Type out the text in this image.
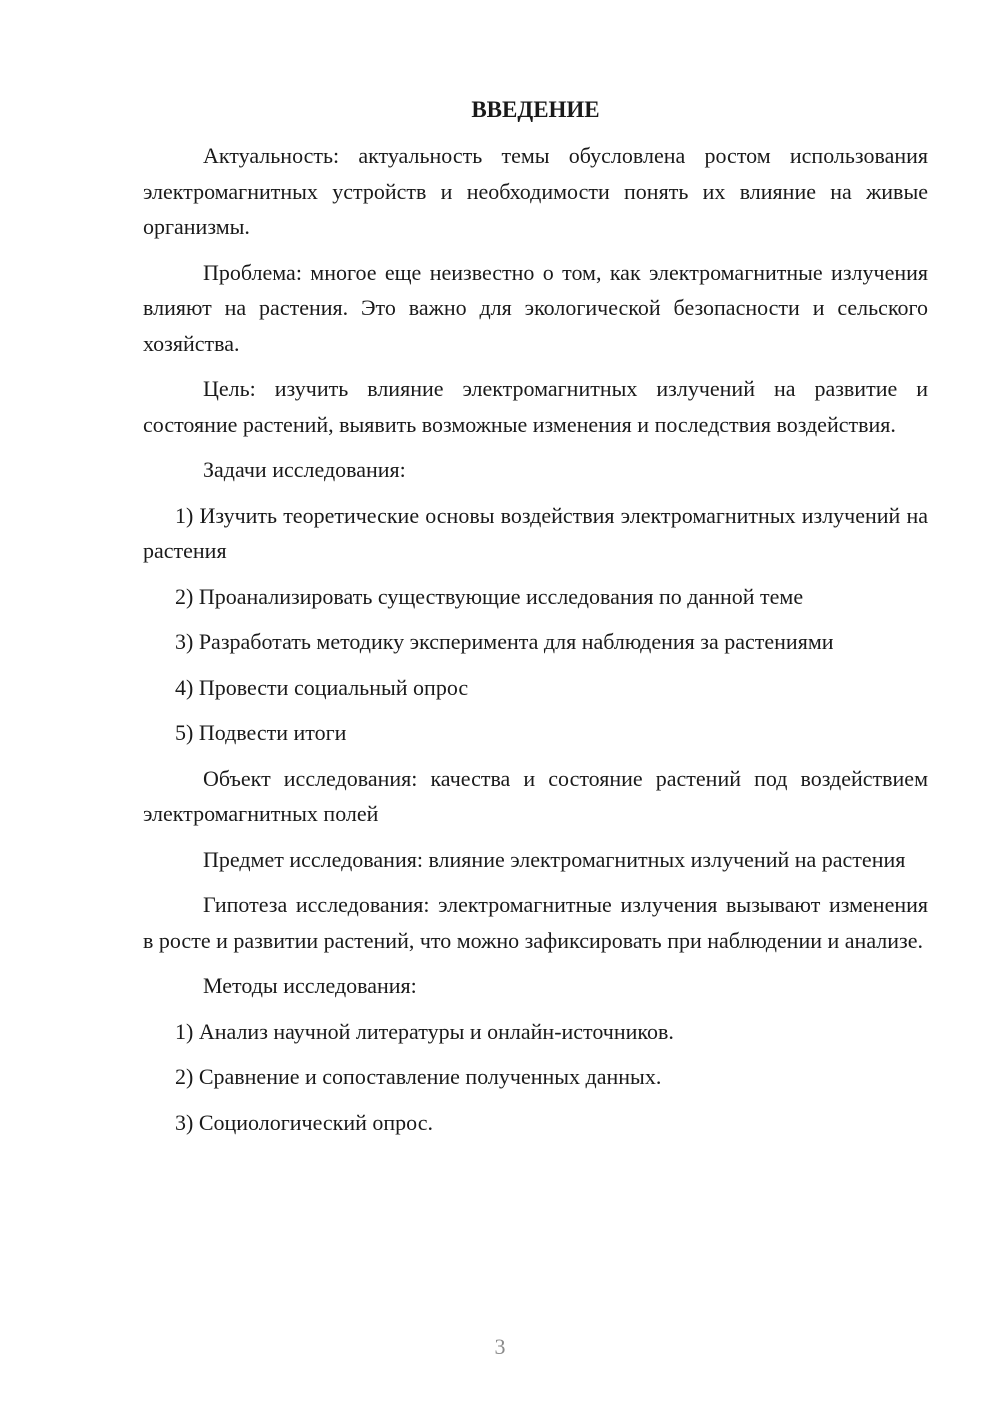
ВВЕДЕНИЕ

Актуальность: актуальность темы обусловлена ростом использования электромагнитных устройств и необходимости понять их влияние на живые организмы.

Проблема: многое еще неизвестно о том, как электромагнитные излучения влияют на растения. Это важно для экологической безопасности и сельского хозяйства.

Цель: изучить влияние электромагнитных излучений на развитие и состояние растений, выявить возможные изменения и последствия воздействия.

Задачи исследования:

1) Изучить теоретические основы воздействия электромагнитных излучений на растения

2) Проанализировать существующие исследования по данной теме

3) Разработать методику эксперимента для наблюдения за растениями

4) Провести социальный опрос

5) Подвести итоги

Объект исследования: качества и состояние растений под воздействием электромагнитных полей

Предмет исследования: влияние электромагнитных излучений на растения

Гипотеза исследования: электромагнитные излучения вызывают изменения в росте и развитии растений, что можно зафиксировать при наблюдении и анализе.

Методы исследования:

1) Анализ научной литературы и онлайн-источников.

2) Сравнение и сопоставление полученных данных.

3) Социологический опрос.

3
